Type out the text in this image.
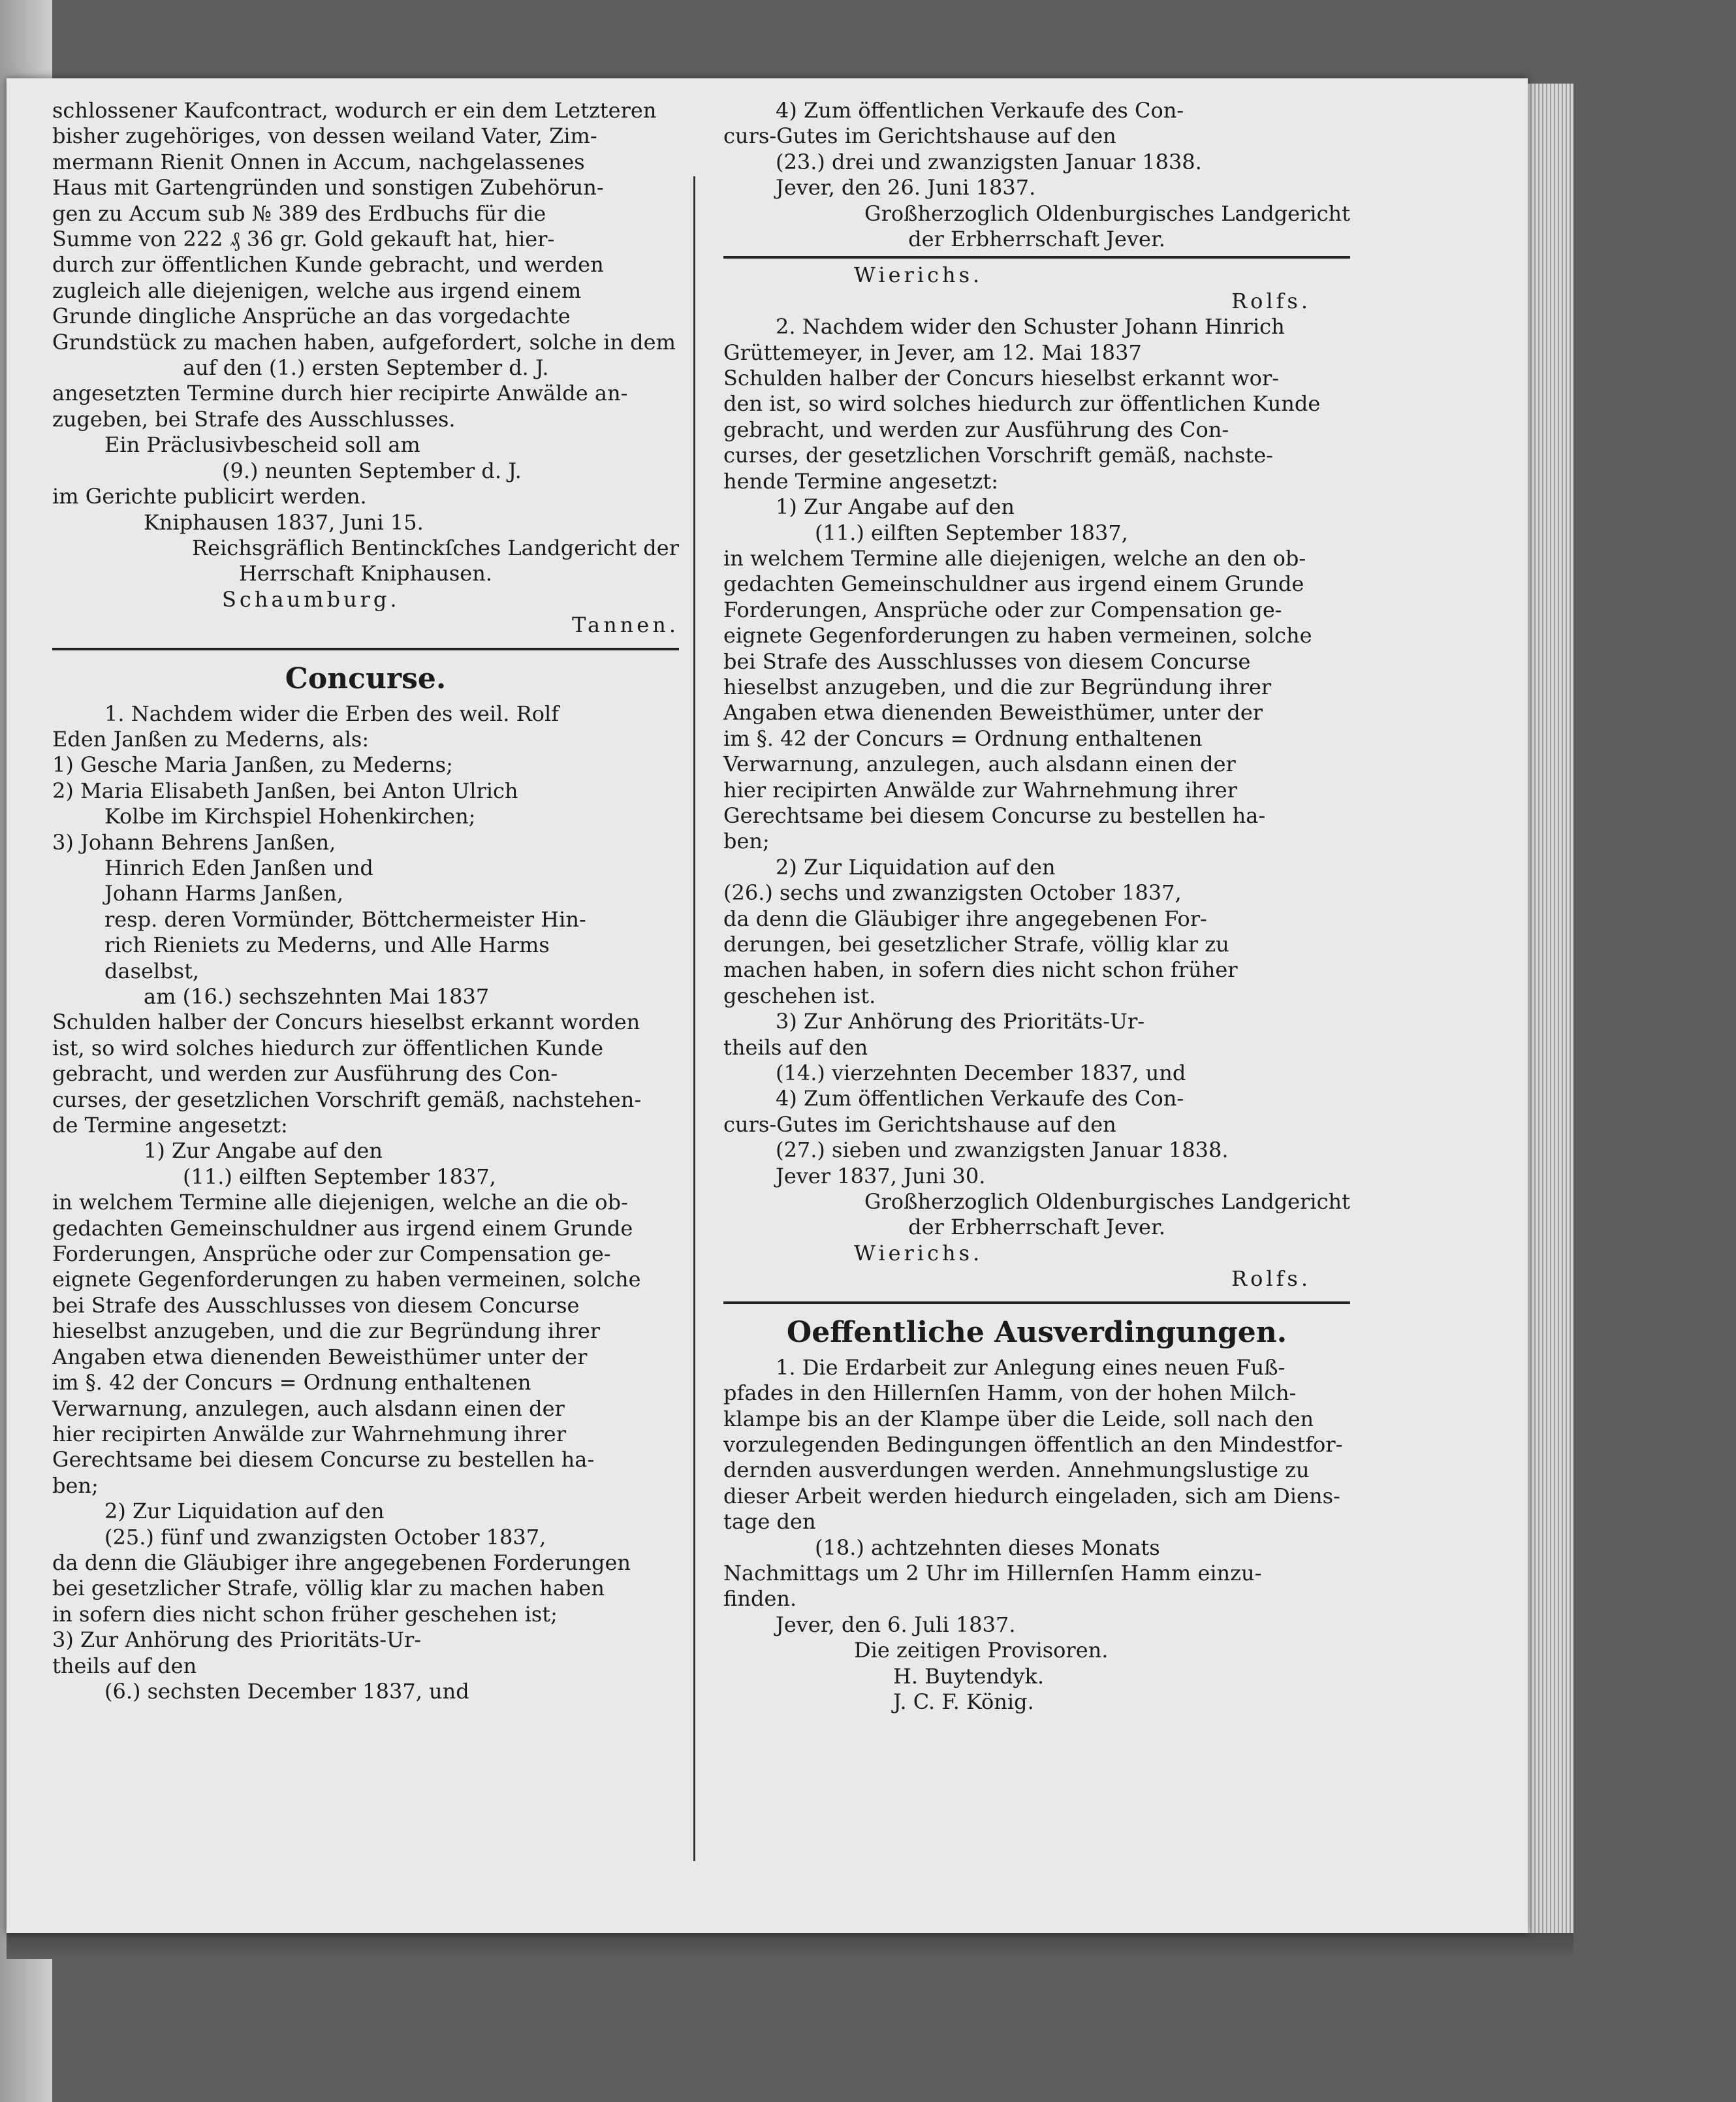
schlossener Kaufcontract, wodurch er ein dem Letzteren

bisher zugehöriges, von dessen weiland Vater, Zim-

mermann Rienit Onnen in Accum, nachgelassenes

Haus mit Gartengründen und sonstigen Zubehörun-

gen zu Accum sub № 389 des Erdbuchs für die

Summe von 222 ₰ 36 gr. Gold gekauft hat, hier-

durch zur öffentlichen Kunde gebracht, und werden

zugleich alle diejenigen, welche aus irgend einem

Grunde dingliche Ansprüche an das vorgedachte

Grundstück zu machen haben, aufgefordert, solche in dem

auf den (1.) ersten September d. J.

angesetzten Termine durch hier recipirte Anwälde an-

zugeben, bei Strafe des Ausschlusses.

Ein Präclusivbescheid soll am

(9.) neunten September d. J.

im Gerichte publicirt werden.

Kniphausen 1837, Juni 15.

Reichsgräflich Bentinckſches Landgericht der

Herrschaft Kniphausen.

Schaumburg.

Tannen.

Concurse.

1. Nachdem wider die Erben des weil. Rolf

Eden Janßen zu Mederns, als:

1) Gesche Maria Janßen, zu Mederns;

2) Maria Elisabeth Janßen, bei Anton Ulrich

Kolbe im Kirchspiel Hohenkirchen;

3) Johann Behrens Janßen,

Hinrich Eden Janßen und

Johann Harms Janßen,

resp. deren Vormünder, Böttchermeister Hin-

rich Rieniets zu Mederns, und Alle Harms

daselbst,

am (16.) sechszehnten Mai 1837

Schulden halber der Concurs hieselbst erkannt worden

ist, so wird solches hiedurch zur öffentlichen Kunde

gebracht, und werden zur Ausführung des Con-

curses, der gesetzlichen Vorschrift gemäß, nachstehen-

de Termine angesetzt:

1) Zur Angabe auf den

(11.) eilften September 1837,

in welchem Termine alle diejenigen, welche an die ob-

gedachten Gemeinschuldner aus irgend einem Grunde

Forderungen, Ansprüche oder zur Compensation ge-

eignete Gegenforderungen zu haben vermeinen, solche

bei Strafe des Ausschlusses von diesem Concurse

hieselbst anzugeben, und die zur Begründung ihrer

Angaben etwa dienenden Beweisthümer unter der

im §. 42 der Concurs = Ordnung enthaltenen

Verwarnung, anzulegen, auch alsdann einen der

hier recipirten Anwälde zur Wahrnehmung ihrer

Gerechtsame bei diesem Concurse zu bestellen ha-

ben;

2) Zur Liquidation auf den

(25.) fünf und zwanzigsten October 1837,

da denn die Gläubiger ihre angegebenen Forderungen

bei gesetzlicher Strafe, völlig klar zu machen haben

in sofern dies nicht schon früher geschehen ist;

3) Zur Anhörung des Prioritäts-Ur-

theils auf den

(6.) sechsten December 1837, und

4) Zum öffentlichen Verkaufe des Con-

curs-Gutes im Gerichtshause auf den

(23.) drei und zwanzigsten Januar 1838.

Jever, den 26. Juni 1837.

Großherzoglich Oldenburgisches Landgericht

der Erbherrschaft Jever.

Wierichs.

Rolfs.

2. Nachdem wider den Schuster Johann Hinrich

Grüttemeyer, in Jever, am 12. Mai 1837

Schulden halber der Concurs hieselbst erkannt wor-

den ist, so wird solches hiedurch zur öffentlichen Kunde

gebracht, und werden zur Ausführung des Con-

curses, der gesetzlichen Vorschrift gemäß, nachste-

hende Termine angesetzt:

1) Zur Angabe auf den

(11.) eilften September 1837,

in welchem Termine alle diejenigen, welche an den ob-

gedachten Gemeinschuldner aus irgend einem Grunde

Forderungen, Ansprüche oder zur Compensation ge-

eignete Gegenforderungen zu haben vermeinen, solche

bei Strafe des Ausschlusses von diesem Concurse

hieselbst anzugeben, und die zur Begründung ihrer

Angaben etwa dienenden Beweisthümer, unter der

im §. 42 der Concurs = Ordnung enthaltenen

Verwarnung, anzulegen, auch alsdann einen der

hier recipirten Anwälde zur Wahrnehmung ihrer

Gerechtsame bei diesem Concurse zu bestellen ha-

ben;

2) Zur Liquidation auf den

(26.) sechs und zwanzigsten October 1837,

da denn die Gläubiger ihre angegebenen For-

derungen, bei gesetzlicher Strafe, völlig klar zu

machen haben, in sofern dies nicht schon früher

geschehen ist.

3) Zur Anhörung des Prioritäts-Ur-

theils auf den

(14.) vierzehnten December 1837, und

4) Zum öffentlichen Verkaufe des Con-

curs-Gutes im Gerichtshause auf den

(27.) sieben und zwanzigsten Januar 1838.

Jever 1837, Juni 30.

Großherzoglich Oldenburgisches Landgericht

der Erbherrschaft Jever.

Wierichs.

Rolfs.

Oeffentliche Ausverdingungen.

1. Die Erdarbeit zur Anlegung eines neuen Fuß-

pfades in den Hillernſen Hamm, von der hohen Milch-

klampe bis an der Klampe über die Leide, soll nach den

vorzulegenden Bedingungen öffentlich an den Mindestfor-

dernden ausverdungen werden. Annehmungslustige zu

dieser Arbeit werden hiedurch eingeladen, sich am Diens-

tage den

(18.) achtzehnten dieses Monats

Nachmittags um 2 Uhr im Hillernſen Hamm einzu-

finden.

Jever, den 6. Juli 1837.

Die zeitigen Provisoren.

H. Buytendyk.

J. C. F. König.
